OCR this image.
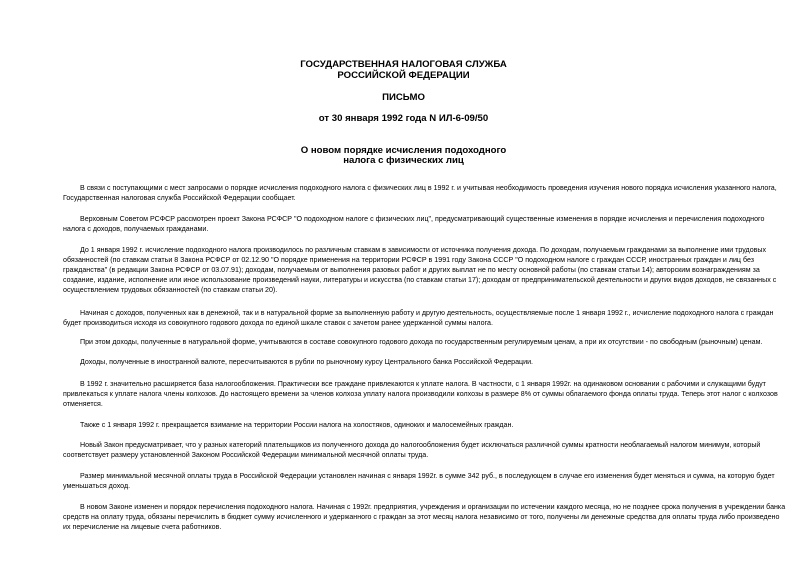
ГОСУДАРСТВЕННАЯ НАЛОГОВАЯ СЛУЖБА
РОССИЙСКОЙ ФЕДЕРАЦИИ
ПИСЬМО
от 30 января 1992 года N ИЛ-6-09/50
О новом порядке исчисления подоходного
налога с физических лиц
В связи с поступающими с мест запросами о порядке исчисления подоходного налога с физических лиц в 1992 г. и учитывая необходимость проведения изучения нового порядка исчисления указанного налога,
Государственная налоговая служба Российской Федерации сообщает.
Верховным Советом РСФСР рассмотрен проект Закона РСФСР "О подоходном налоге с физических лиц", предусматривающий существенные изменения в порядке исчисления и перечисления подоходного
налога с доходов, получаемых гражданами.
До 1 января 1992 г. исчисление подоходного налога производилось по различным ставкам в зависимости от источника получения дохода. По доходам, получаемым гражданами за выполнение ими трудовых
обязанностей (по ставкам статьи 8 Закона РСФСР от 02.12.90 "О порядке применения на территории РСФСР в 1991 году Закона СССР "О подоходном налоге с граждан СССР, иностранных граждан и лиц без
гражданства" (в редакции Закона РСФСР от 03.07.91); доходам, получаемым от выполнения разовых работ и других выплат не по месту основной работы (по ставкам статьи 14); авторским вознаграждениям за
создание, издание, исполнение или иное использование произведений науки, литературы и искусства (по ставкам статьи 17); доходам от предпринимательской деятельности и других видов доходов, не связанных с
осуществлением трудовых обязанностей (по ставкам статьи 20).
Начиная с доходов, полученных как в денежной, так и в натуральной форме за выполненную работу и другую деятельность, осуществляемые после 1 января 1992 г., исчисление подоходного налога с граждан
будет производиться исходя из совокупного годового дохода по единой шкале ставок с зачетом ранее удержанной суммы налога.
При этом доходы, полученные в натуральной форме, учитываются в составе совокупного годового дохода по государственным регулируемым ценам, а при их отсутствии - по свободным (рыночным) ценам.
Доходы, полученные в иностранной валюте, пересчитываются в рубли по рыночному курсу Центрального банка Российской Федерации.
В 1992 г. значительно расширяется база налогообложения. Практически все граждане привлекаются к уплате налога. В частности, с 1 января 1992г. на одинаковом основании с рабочими и служащими будут
привлекаться к уплате налога члены колхозов. До настоящего времени за членов колхоза уплату налога производили колхозы в размере 8% от суммы облагаемого фонда оплаты труда. Теперь этот налог с колхозов
отменяется.
Также с 1 января 1992 г. прекращается взимание на территории России налога на холостяков, одиноких и малосемейных граждан.
Новый Закон предусматривает, что у разных категорий плательщиков из полученного дохода до налогообложения будет исключаться различной суммы кратности необлагаемый налогом минимум, который
соответствует размеру установленной Законом Российской Федерации минимальной месячной оплаты труда.
Размер минимальной месячной оплаты труда в Российской Федерации установлен начиная с января 1992г. в сумме 342 руб., в последующем в случае его изменения будет меняться и сумма, на которую будет
уменьшаться доход.
В новом Законе изменен и порядок перечисления подоходного налога. Начиная с 1992г. предприятия, учреждения и организации по истечении каждого месяца, но не позднее срока получения в учреждении банка
средств на оплату труда, обязаны перечислить в бюджет сумму исчисленного и удержанного с граждан за этот месяц налога независимо от того, получены ли денежные средства для оплаты труда либо произведено
их перечисление на лицевые счета работников.
